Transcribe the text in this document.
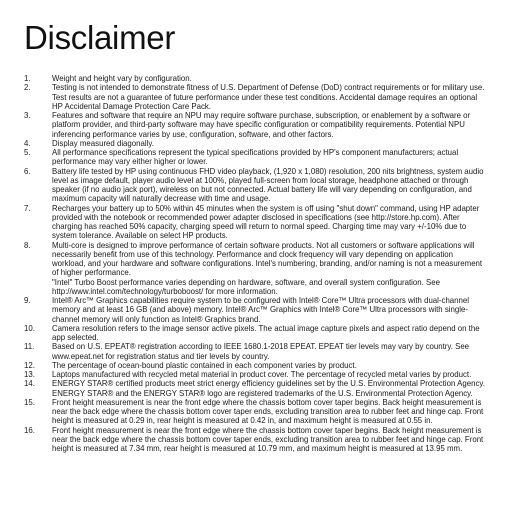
Disclaimer
1.	Weight and height vary by configuration.
2.	Testing is not intended to demonstrate fitness of U.S. Department of Defense (DoD) contract requirements or for military use. Test results are not a guarantee of future performance under these test conditions. Accidental damage requires an optional HP Accidental Damage Protection Care Pack.
3.	Features and software that require an NPU may require software purchase, subscription, or enablement by a software or platform provider, and third-party software may have specific configuration or compatibility requirements. Potential NPU inferencing performance varies by use, configuration, software, and other factors.
4.	Display measured diagonally.
5.	All performance specifications represent the typical specifications provided by HP's component manufacturers; actual performance may vary either higher or lower.
6.	Battery life tested by HP using continuous FHD video playback, (1,920 x 1,080) resolution, 200 nits brightness, system audio level as image default, player audio level at 100%, played full-screen from local storage, headphone attached or through speaker (if no audio jack port), wireless on but not connected. Actual battery life will vary depending on configuration, and maximum capacity will naturally decrease with time and usage.
7.	Recharges your battery up to 50% within 45 minutes when the system is off using "shut down" command, using HP adapter provided with the notebook or recommended power adapter disclosed in specifications (see http://store.hp.com). After charging has reached 50% capacity, charging speed will return to normal speed. Charging time may vary +/-10% due to system tolerance. Available on select HP products.
8.	Multi-core is designed to improve performance of certain software products. Not all customers or software applications will necessarily benefit from use of this technology. Performance and clock frequency will vary depending on application workload, and your hardware and software configurations. Intel's numbering, branding, and/or naming is not a measurement of higher performance.
"Intel" Turbo Boost performance varies depending on hardware, software, and overall system configuration. See http://www.intel.com/technology/turboboost/ for more information.
9.	Intel® Arc™ Graphics capabilities require system to be configured with Intel® Core™ Ultra processors with dual-channel memory and at least 16 GB (and above) memory. Intel® Arc™ Graphics with Intel® Core™ Ultra processors with single-channel memory will only function as Intel® Graphics brand.
10.	Camera resolution refers to the image sensor active pixels. The actual image capture pixels and aspect ratio depend on the app selected.
11.	Based on U.S. EPEAT® registration according to IEEE 1680.1-2018 EPEAT. EPEAT tier levels may vary by country. See www.epeat.net for registration status and tier levels by country.
12.	The percentage of ocean-bound plastic contained in each component varies by product.
13.	Laptops manufactured with recycled metal material in product cover. The percentage of recycled metal varies by product.
14.	ENERGY STAR® certified products meet strict energy efficiency guidelines set by the U.S. Environmental Protection Agency. ENERGY STAR® and the ENERGY STAR® logo are registered trademarks of the U.S. Environmental Protection Agency.
15.	Front height measurement is near the front edge where the chassis bottom cover taper begins. Back height measurement is near the back edge where the chassis bottom cover taper ends, excluding transition area to rubber feet and hinge cap. Front height is measured at 0.29 in, rear height is measured at 0.42 in, and maximum height is measured at 0.55 in.
16.	Front height measurement is near the front edge where the chassis bottom cover taper begins. Back height measurement is near the back edge where the chassis bottom cover taper ends, excluding transition area to rubber feet and hinge cap. Front height is measured at 7.34 mm, rear height is measured at 10.79 mm, and maximum height is measured at 13.95 mm.
